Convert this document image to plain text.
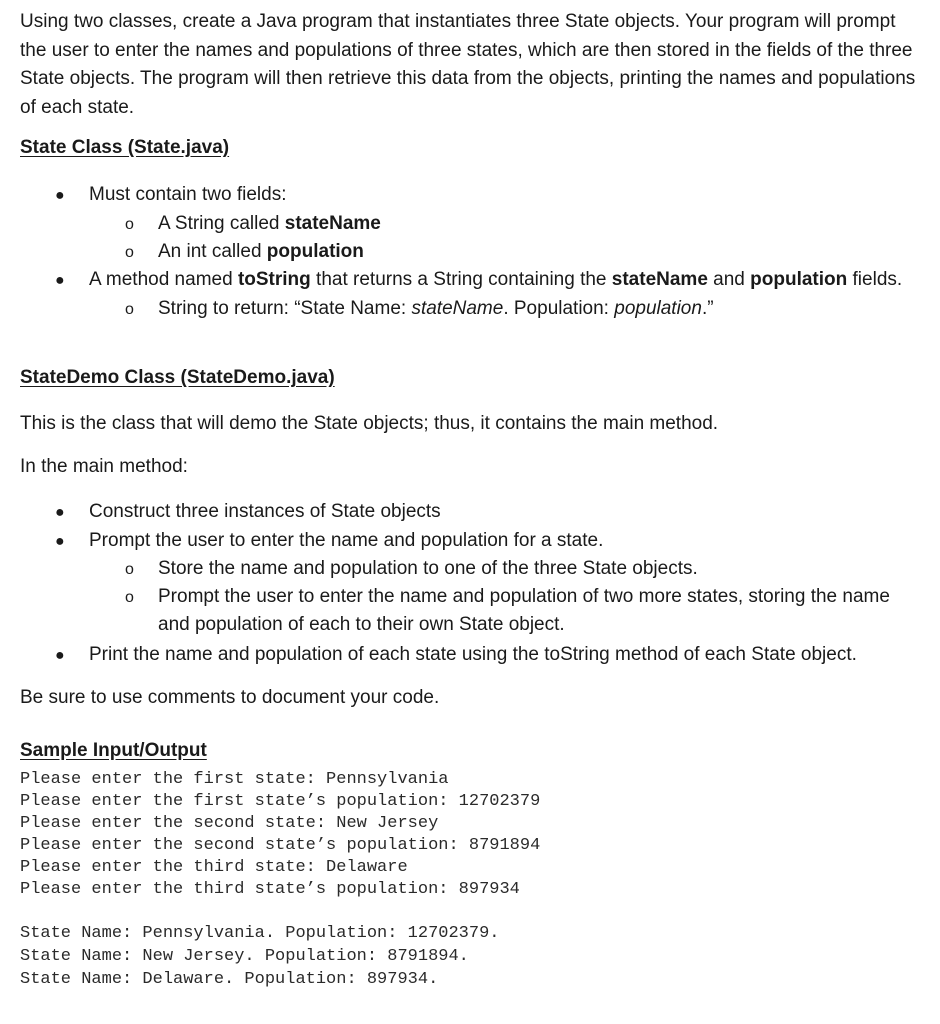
Using two classes, create a Java program that instantiates three State objects. Your program will prompt the user to enter the names and populations of three states, which are then stored in the fields of the three State objects. The program will then retrieve this data from the objects, printing the names and populations of each state.
State Class (State.java)
● Must contain two fields:
o A String called stateName
o An int called population
● A method named toString that returns a String containing the stateName and population fields.
o String to return: “State Name: stateName. Population: population.”
StateDemo Class (StateDemo.java)
This is the class that will demo the State objects; thus, it contains the main method.
In the main method:
● Construct three instances of State objects
● Prompt the user to enter the name and population for a state.
o Store the name and population to one of the three State objects.
o Prompt the user to enter the name and population of two more states, storing the name
and population of each to their own State object.
● Print the name and population of each state using the toString method of each State object.
Be sure to use comments to document your code.
Sample Input/Output
Please enter the first state: Pennsylvania
Please enter the first state’s population: 12702379
Please enter the second state: New Jersey
Please enter the second state’s population: 8791894
Please enter the third state: Delaware
Please enter the third state’s population: 897934
State Name: Pennsylvania. Population: 12702379.
State Name: New Jersey. Population: 8791894.
State Name: Delaware. Population: 897934.
